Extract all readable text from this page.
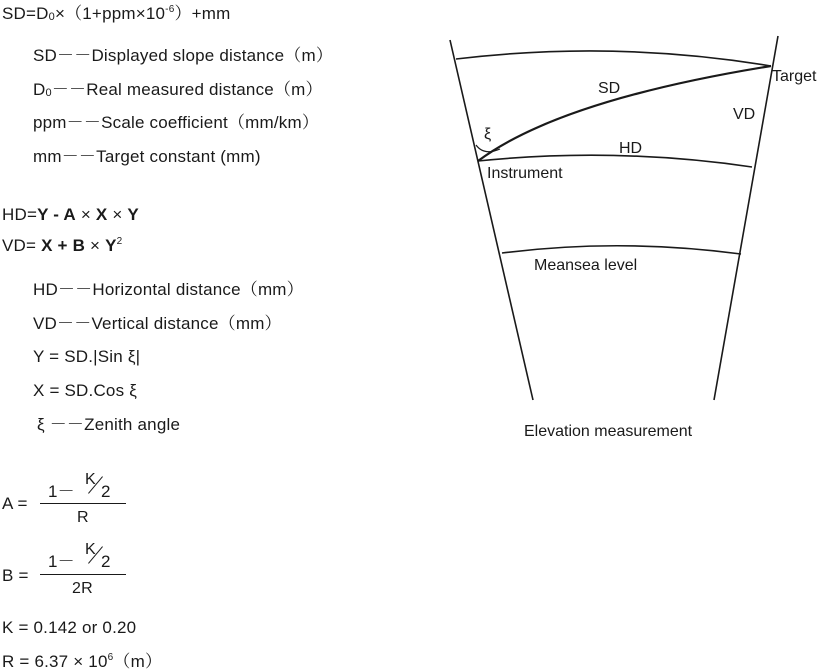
$SD=D_0\times(1+ppm\times 10^{-6})+mm$
SD－－Displayed slope distance（m）
$D_0--Real$ measured distance（m）
ppm－－Scale coefficient（mm/km）
mm－－Target constant (mm)
HD=Y - A × X × Y
$VD= X + B \times Y^2$
HD－－Horizontal distance（mm）
VD－－Vertical distance（mm）
Y = SD.|Sin ξ|
X = SD.Cos ξ
ξ －－Zenith angle
A =
1－
K
2
R
B =
1－
K
2
2R
K = 0.142 or 0.20
$R = 6.37 \times 10^6(m)$
Target
SD
VD
ξ
HD
Instrument
Meansea level
Elevation measurement
